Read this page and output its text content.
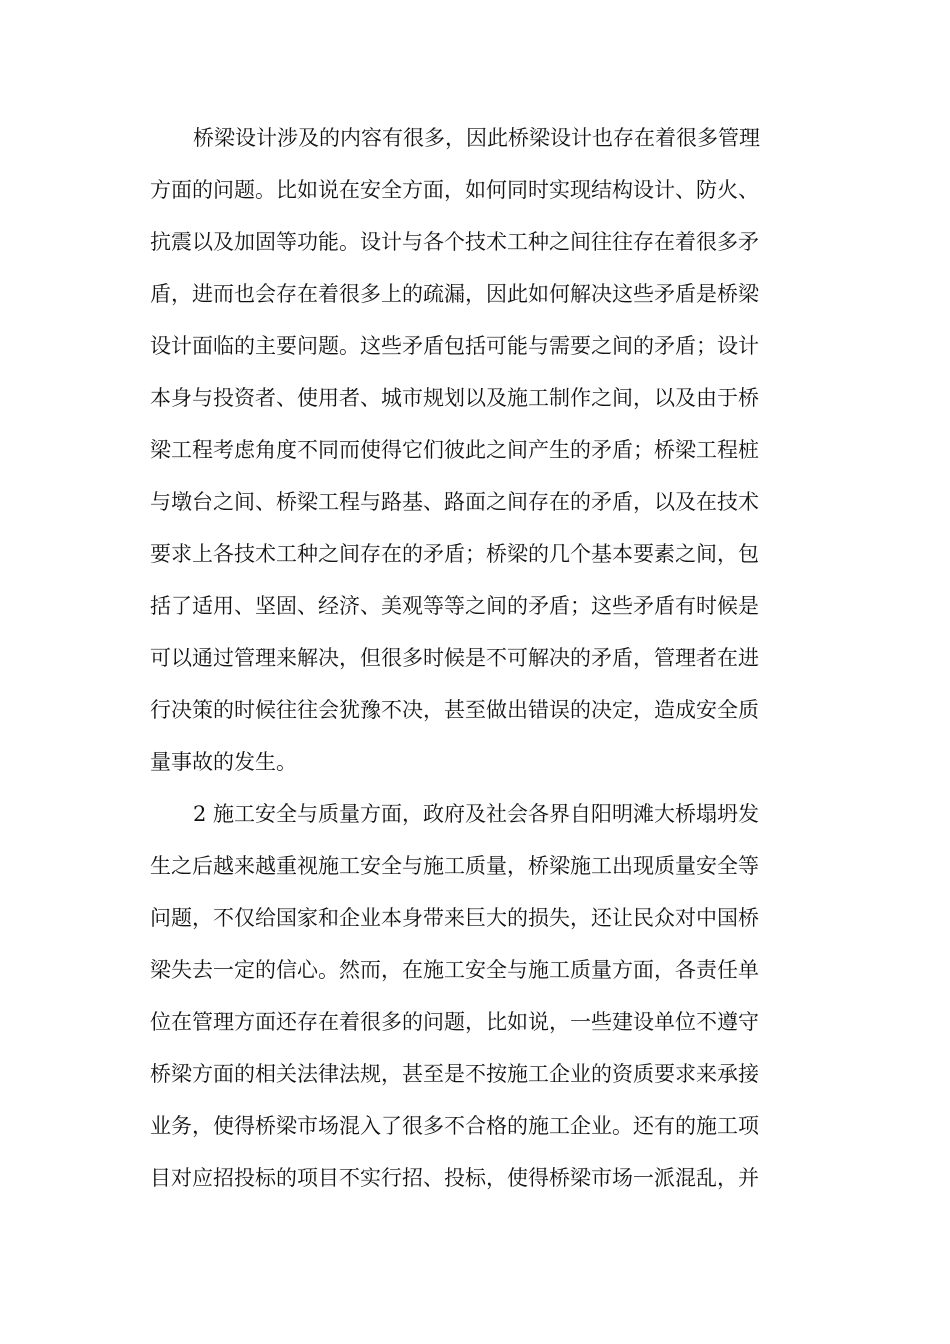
桥梁设计涉及的内容有很多，因此桥梁设计也存在着很多管理
方面的问题。比如说在安全方面，如何同时实现结构设计、防火、
抗震以及加固等功能。设计与各个技术工种之间往往存在着很多矛
盾，进而也会存在着很多上的疏漏，因此如何解决这些矛盾是桥梁
设计面临的主要问题。这些矛盾包括可能与需要之间的矛盾；设计
本身与投资者、使用者、城市规划以及施工制作之间，以及由于桥
梁工程考虑角度不同而使得它们彼此之间产生的矛盾；桥梁工程桩
与墩台之间、桥梁工程与路基、路面之间存在的矛盾，以及在技术
要求上各技术工种之间存在的矛盾；桥梁的几个基本要素之间，包
括了适用、坚固、经济、美观等等之间的矛盾；这些矛盾有时候是
可以通过管理来解决，但很多时候是不可解决的矛盾，管理者在进
行决策的时候往往会犹豫不决，甚至做出错误的决定，造成安全质
量事故的发生。
2 施工安全与质量方面，政府及社会各界自阳明滩大桥塌坍发
生之后越来越重视施工安全与施工质量，桥梁施工出现质量安全等
问题，不仅给国家和企业本身带来巨大的损失，还让民众对中国桥
梁失去一定的信心。然而，在施工安全与施工质量方面，各责任单
位在管理方面还存在着很多的问题，比如说，一些建设单位不遵守
桥梁方面的相关法律法规，甚至是不按施工企业的资质要求来承接
业务，使得桥梁市场混入了很多不合格的施工企业。还有的施工项
目对应招投标的项目不实行招、投标，使得桥梁市场一派混乱，并
